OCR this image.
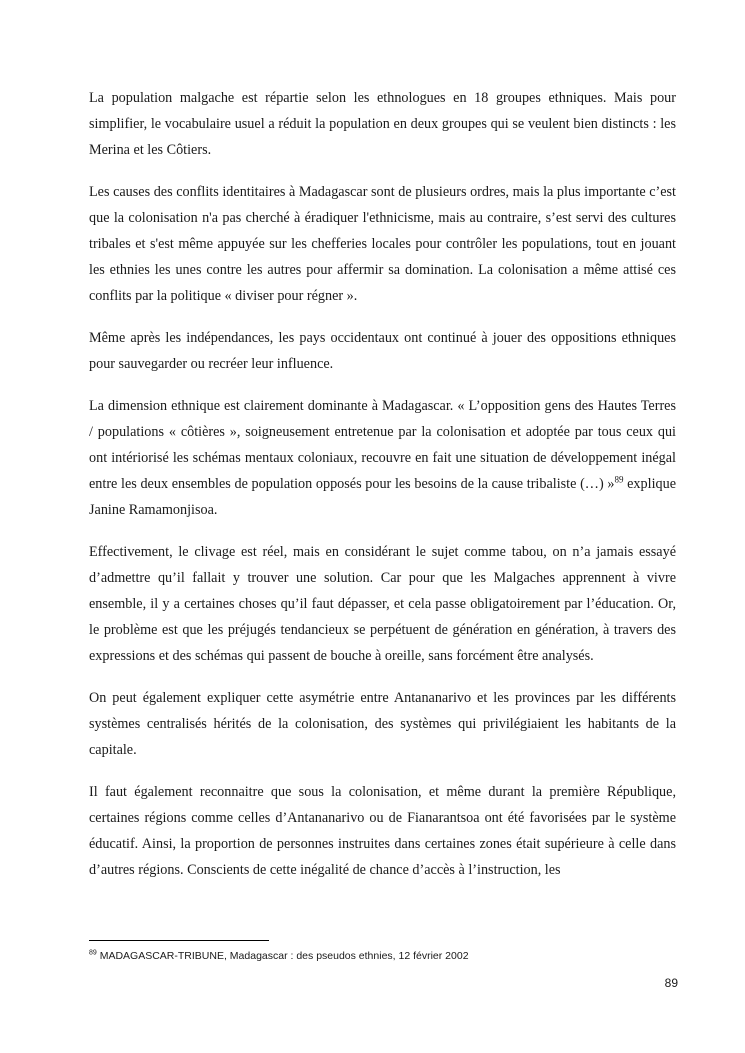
La population malgache est répartie selon les ethnologues en 18 groupes ethniques. Mais pour simplifier, le vocabulaire usuel a réduit la population en deux groupes qui se veulent bien distincts : les Merina et les Côtiers.

Les causes des conflits identitaires à Madagascar sont de plusieurs ordres, mais la plus importante c’est que la colonisation n'a pas cherché à éradiquer l'ethnicisme, mais au contraire, s’est servi des cultures tribales et s'est même appuyée sur les chefferies locales pour contrôler les populations, tout en jouant les ethnies les unes contre les autres pour affermir sa domination. La colonisation a même attisé ces conflits par la politique « diviser pour régner ».

Même après les indépendances, les pays occidentaux ont continué à jouer des oppositions ethniques pour sauvegarder ou recréer leur influence.

La dimension ethnique est clairement dominante à Madagascar. « L’opposition gens des Hautes Terres / populations « côtières », soigneusement entretenue par la colonisation et adoptée par tous ceux qui ont intériorisé les schémas mentaux coloniaux, recouvre en fait une situation de développement inégal entre les deux ensembles de population opposés pour les besoins de la cause tribaliste (…) »$^{89}$ explique Janine Ramamonjisoa.

Effectivement, le clivage est réel, mais en considérant le sujet comme tabou, on n’a jamais essayé d’admettre qu’il fallait y trouver une solution. Car pour que les Malgaches apprennent à vivre ensemble, il y a certaines choses qu’il faut dépasser, et cela passe obligatoirement par l’éducation. Or, le problème est que les préjugés tendancieux se perpétuent de génération en génération, à travers des expressions et des schémas qui passent de bouche à oreille, sans forcément être analysés.

On peut également expliquer cette asymétrie entre Antananarivo et les provinces par les différents systèmes centralisés hérités de la colonisation, des systèmes qui privilégiaient les habitants de la capitale.

Il faut également reconnaitre que sous la colonisation, et même durant la première République, certaines régions comme celles d’Antananarivo ou de Fianarantsoa ont été favorisées par le système éducatif. Ainsi, la proportion de personnes instruites dans certaines zones était supérieure à celle dans d’autres régions. Conscients de cette inégalité de chance d’accès à l’instruction, les

$^{89}$ MADAGASCAR-TRIBUNE, Madagascar : des pseudos ethnies, 12 février 2002
89
